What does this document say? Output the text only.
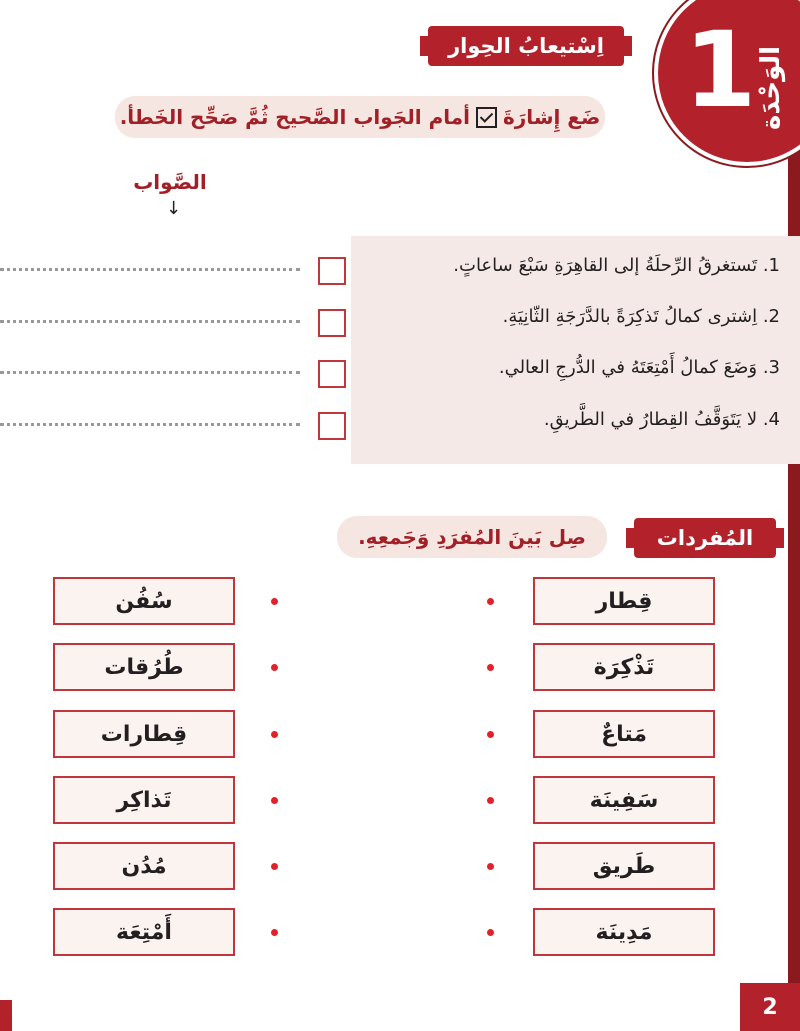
1 الوَحْدَة
اِسْتيعابُ الحِوار
ضَع إِشارَةَ
أمام الجَواب الصَّحيح ثُمَّ صَحِّح الخَطأ.
الصَّواب
↓
1. تَستغرقُ الرِّحلَةُ إلى القاهِرَةِ سَبْعَ ساعاتٍ.
2. اِشترى كمالُ تَذكِرَةً بالدَّرَجَةِ الثّانِيَةِ.
3. وَضَعَ كمالُ أَمْتِعَتَهُ في الدُّرجِ العالي.
4. لا يَتَوَقَّفُ القِطارُ في الطَّريقِ.
المُفردات
صِل بَينَ المُفرَدِ وَجَمعِهِ.
قِطار
تَذْكِرَة
مَتاعٌ
سَفِينَة
طَريق
مَدِينَة
سُفُن
طُرُقات
قِطارات
تَذاكِر
مُدُن
أَمْتِعَة
2
